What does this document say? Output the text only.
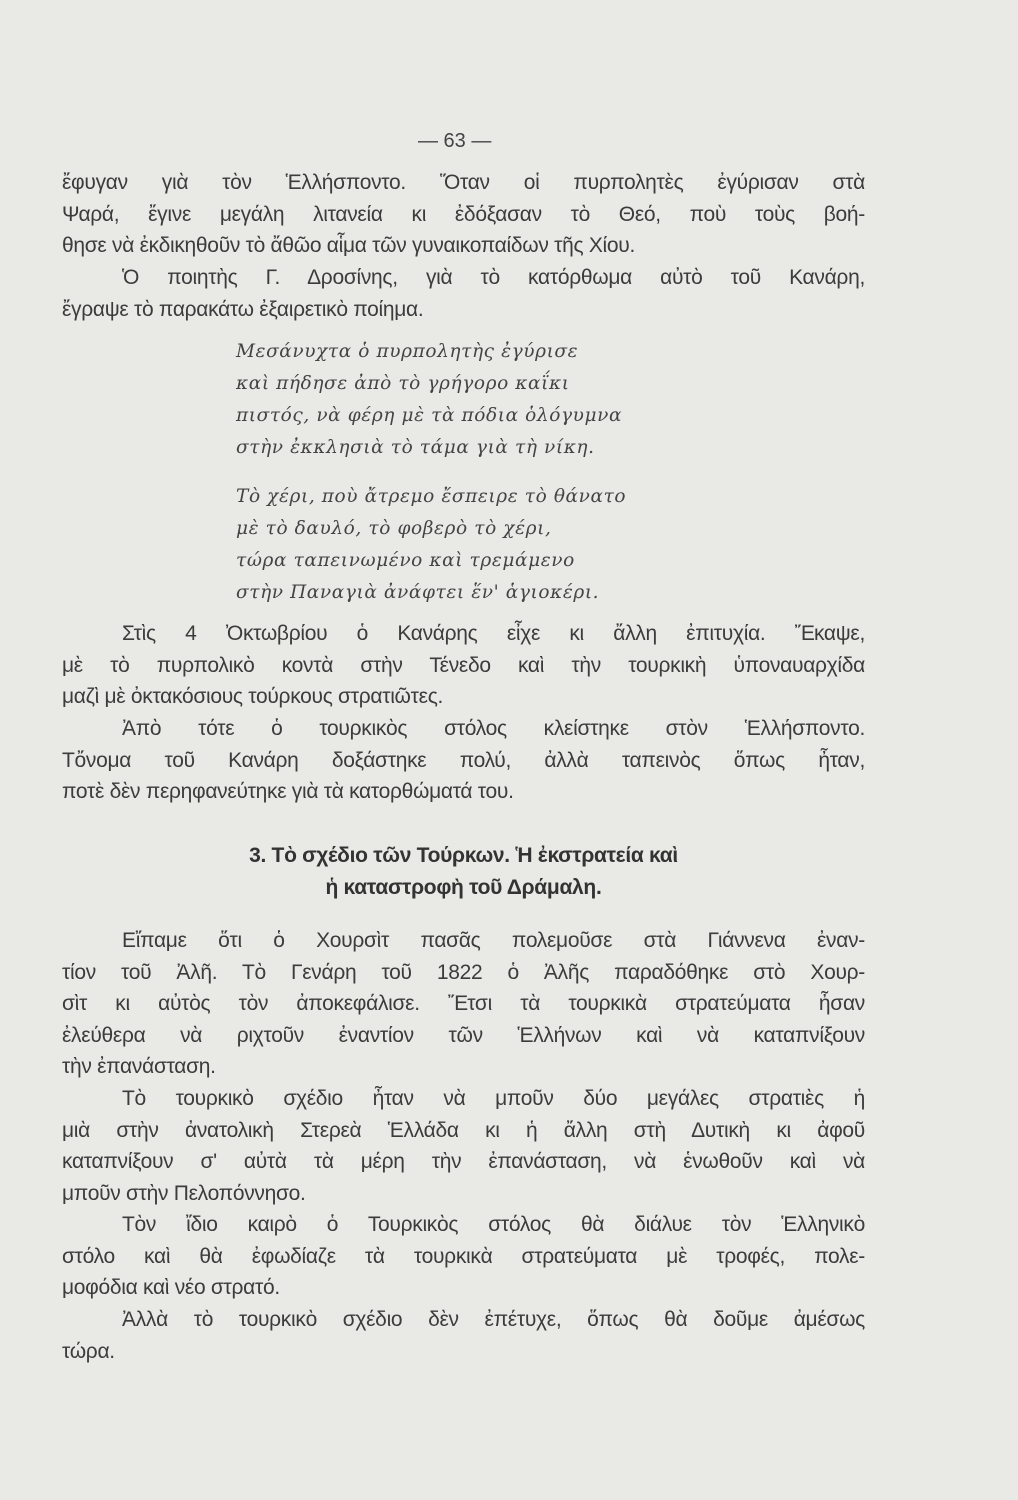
— 63 —
ἔφυγαν γιὰ τὸν Ἑλλήσποντο. Ὅταν οἱ πυρπολητὲς ἐγύρισαν στὰ
Ψαρά, ἔγινε μεγάλη λιτανεία κι ἐδόξασαν τὸ Θεό, ποὺ τοὺς βοή-
θησε νὰ ἐκδικηθοῦν τὸ ἄθῶο αἷμα τῶν γυναικοπαίδων τῆς Χίου.
Ὁ ποιητὴς Γ. Δροσίνης, γιὰ τὸ κατόρθωμα αὐτὸ τοῦ Κανάρη,
ἔγραψε τὸ παρακάτω ἐξαιρετικὸ ποίημα.
Μεσάνυχτα ὁ πυρπολητὴς ἐγύρισε
καὶ πήδησε ἀπὸ τὸ γρήγορο καΐκι
πιστός, νὰ φέρη μὲ τὰ πόδια ὁλόγυμνα
στὴν ἐκκλησιὰ τὸ τάμα γιὰ τὴ νίκη.
Τὸ χέρι, ποὺ ἄτρεμο ἔσπειρε τὸ θάνατο
μὲ τὸ δαυλό, τὸ φοβερὸ τὸ χέρι,
τώρα ταπεινωμένο καὶ τρεμάμενο
στὴν Παναγιὰ ἀνάφτει ἕν' ἁγιοκέρι.
Στὶς 4 Ὀκτωβρίου ὁ Κανάρης εἶχε κι ἄλλη ἐπιτυχία. Ἔκαψε,
μὲ τὸ πυρπολικὸ κοντὰ στὴν Τένεδο καὶ τὴν τουρκικὴ ὑποναυαρχίδα
μαζὶ μὲ ὀκτακόσιους τούρκους στρατιῶτες.
Ἀπὸ τότε ὁ τουρκικὸς στόλος κλείστηκε στὸν Ἑλλήσποντο.
Τὄνομα τοῦ Κανάρη δοξάστηκε πολύ, ἀλλὰ ταπεινὸς ὅπως ἦταν,
ποτὲ δὲν περηφανεύτηκε γιὰ τὰ κατορθώματά του.
3. Τὸ σχέδιο τῶν Τούρκων. Ἡ ἐκστρατεία καὶ
ἡ καταστροφὴ τοῦ Δράμαλη.
Εἴπαμε ὅτι ὁ Χουρσὶτ πασᾶς πολεμοῦσε στὰ Γιάννενα ἐναν-
τίον τοῦ Ἀλῆ. Τὸ Γενάρη τοῦ 1822 ὁ Ἀλῆς παραδόθηκε στὸ Χουρ-
σὶτ κι αὐτὸς τὸν ἀποκεφάλισε. Ἔτσι τὰ τουρκικὰ στρατεύματα ἦσαν
ἐλεύθερα νὰ ριχτοῦν ἐναντίον τῶν Ἑλλήνων καὶ νὰ καταπνίξουν
τὴν ἐπανάσταση.
Τὸ τουρκικὸ σχέδιο ἦταν νὰ μποῦν δύο μεγάλες στρατιὲς ἡ
μιὰ στὴν ἀνατολικὴ Στερεὰ Ἑλλάδα κι ἡ ἄλλη στὴ Δυτικὴ κι ἀφοῦ
καταπνίξουν σ' αὐτὰ τὰ μέρη τὴν ἐπανάσταση, νὰ ἑνωθοῦν καὶ νὰ
μποῦν στὴν Πελοπόννησο.
Τὸν ἴδιο καιρὸ ὁ Τουρκικὸς στόλος θὰ διάλυε τὸν Ἑλληνικὸ
στόλο καὶ θὰ ἐφωδίαζε τὰ τουρκικὰ στρατεύματα μὲ τροφές, πολε-
μοφόδια καὶ νέο στρατό.
Ἀλλὰ τὸ τουρκικὸ σχέδιο δὲν ἐπέτυχε, ὅπως θὰ δοῦμε ἀμέσως
τώρα.
